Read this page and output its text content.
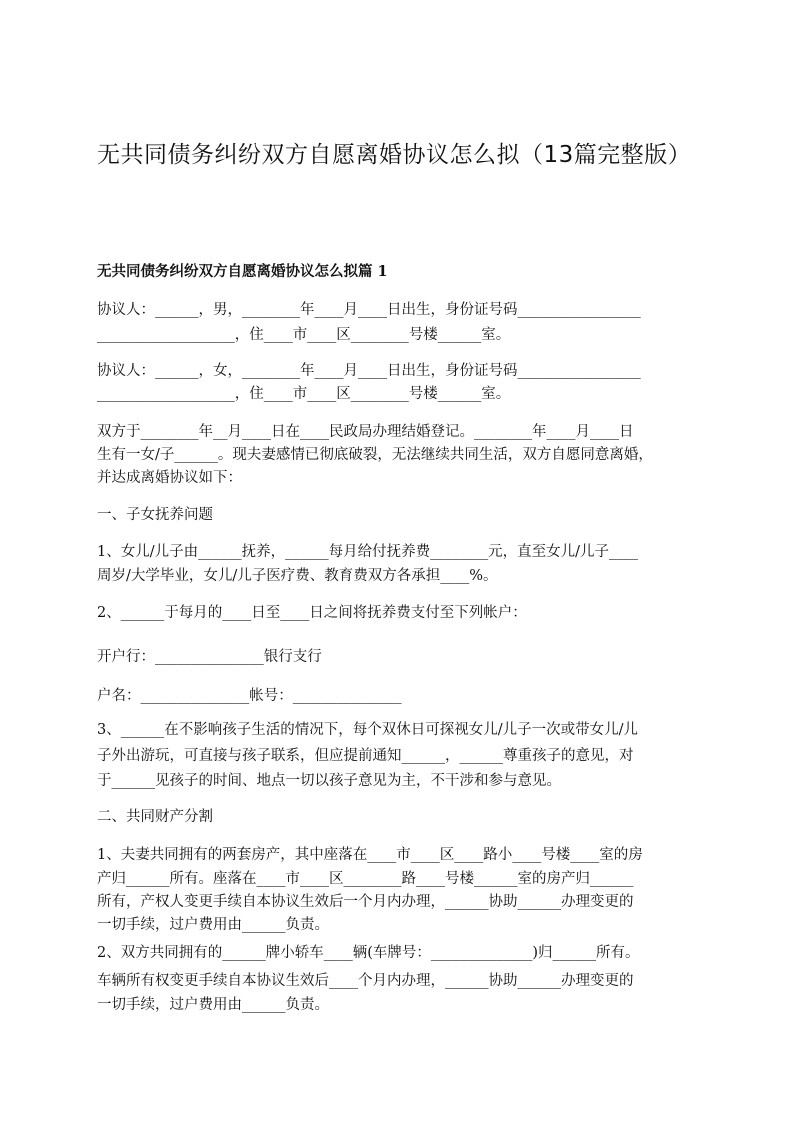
无共同债务纠纷双方自愿离婚协议怎么拟（13篇完整版）
无共同债务纠纷双方自愿离婚协议怎么拟篇 1
协议人：______，男，________年____月____日出生，身份证号码_________________
___________________，住____市____区________号楼______室。
协议人：______，女，________年____月____日出生，身份证号码_________________
___________________，住____市____区________号楼______室。
双方于________年__月____日在____民政局办理结婚登记。________年____月____日
生有一女/子______。现夫妻感情已彻底破裂，无法继续共同生活，双方自愿同意离婚，
并达成离婚协议如下：
一、子女抚养问题
1、女儿/儿子由______抚养，______每月给付抚养费________元，直至女儿/儿子____
周岁/大学毕业，女儿/儿子医疗费、教育费双方各承担____%。
2、______于每月的____日至____日之间将抚养费支付至下列帐户：
开户行：_______________银行支行
户名：_______________帐号：_______________
3、______在不影响孩子生活的情况下，每个双休日可探视女儿/儿子一次或带女儿/儿
子外出游玩，可直接与孩子联系，但应提前通知______，______尊重孩子的意见，对
于______见孩子的时间、地点一切以孩子意见为主，不干涉和参与意见。
二、共同财产分割
1、夫妻共同拥有的两套房产，其中座落在____市____区____路小____号楼____室的房
产归______所有。座落在____市____区________路____号楼______室的房产归______
所有，产权人变更手续自本协议生效后一个月内办理，______协助______办理变更的
一切手续，过户费用由______负责。
2、双方共同拥有的______牌小轿车____辆(车牌号：______________)归______所有。
车辆所有权变更手续自本协议生效后____个月内办理，______协助______办理变更的
一切手续，过户费用由______负责。
